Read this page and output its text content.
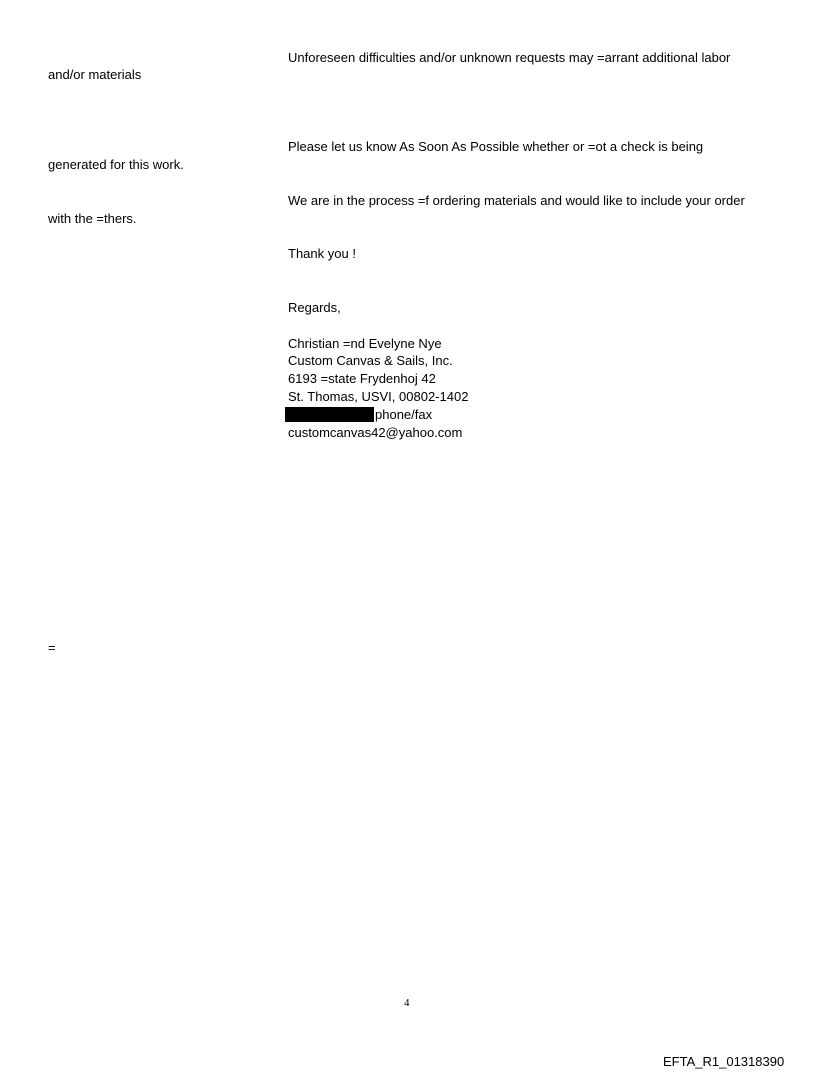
Unforeseen difficulties and/or unknown requests may =arrant additional labor
and/or materials
Please let us know As Soon As Possible whether or =ot a check is being
generated for this work.
We are in the process =f ordering materials and would like to include your order
with the =thers.
Thank you !
Regards,
Christian =nd Evelyne Nye
Custom Canvas & Sails, Inc.
6193 =state Frydenhoj 42
St. Thomas, USVI, 00802-1402
phone/fax
customcanvas42@yahoo.com
=
4
EFTA_R1_01318390
